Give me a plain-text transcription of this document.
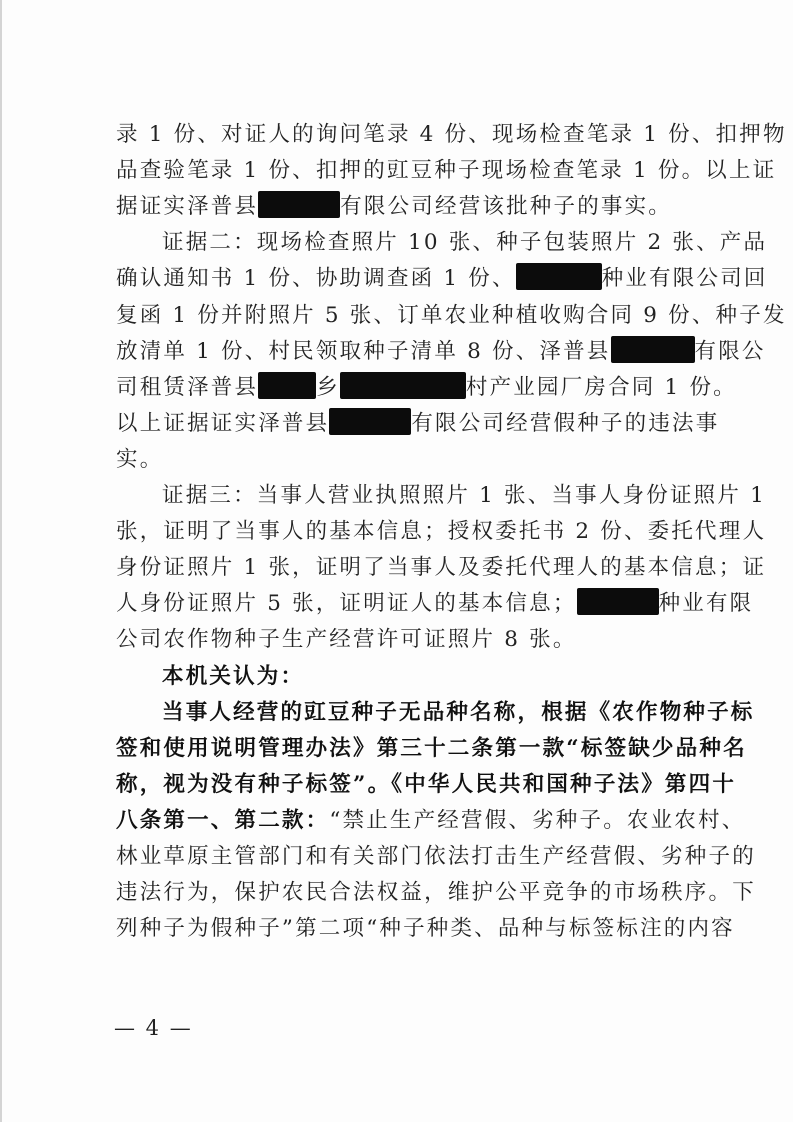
录 1 份、对证人的询问笔录 4 份、现场检查笔录 1 份、扣押物
品查验笔录 1 份、扣押的豇豆种子现场检查笔录 1 份。以上证
据证实泽普县	有限公司经营该批种子的事实。
证据二：现场检查照片 10 张、种子包装照片 2 张、产品
确认通知书 1 份、协助调查函 1 份、	种业有限公司回
复函 1 份并附照片 5 张、订单农业种植收购合同 9 份、种子发
放清单 1 份、村民领取种子清单 8 份、泽普县	有限公
司租赁泽普县	乡	村产业园厂房合同 1 份。
以上证据证实泽普县	有限公司经营假种子的违法事
实。
证据三：当事人营业执照照片 1 张、当事人身份证照片 1
张，证明了当事人的基本信息；授权委托书 2 份、委托代理人
身份证照片 1 张，证明了当事人及委托代理人的基本信息；证
人身份证照片 5 张，证明证人的基本信息；	种业有限
公司农作物种子生产经营许可证照片 8 张。
本机关认为：
当事人经营的豇豆种子无品种名称，根据《农作物种子标
签和使用说明管理办法》第三十二条第一款“标签缺少品种名
称，视为没有种子标签”。《中华人民共和国种子法》第四十
八条第一、第二款：“禁止生产经营假、劣种子。农业农村、
林业草原主管部门和有关部门依法打击生产经营假、劣种子的
违法行为，保护农民合法权益，维护公平竞争的市场秩序。下
列种子为假种子”第二项“种子种类、品种与标签标注的内容
— 4 —
